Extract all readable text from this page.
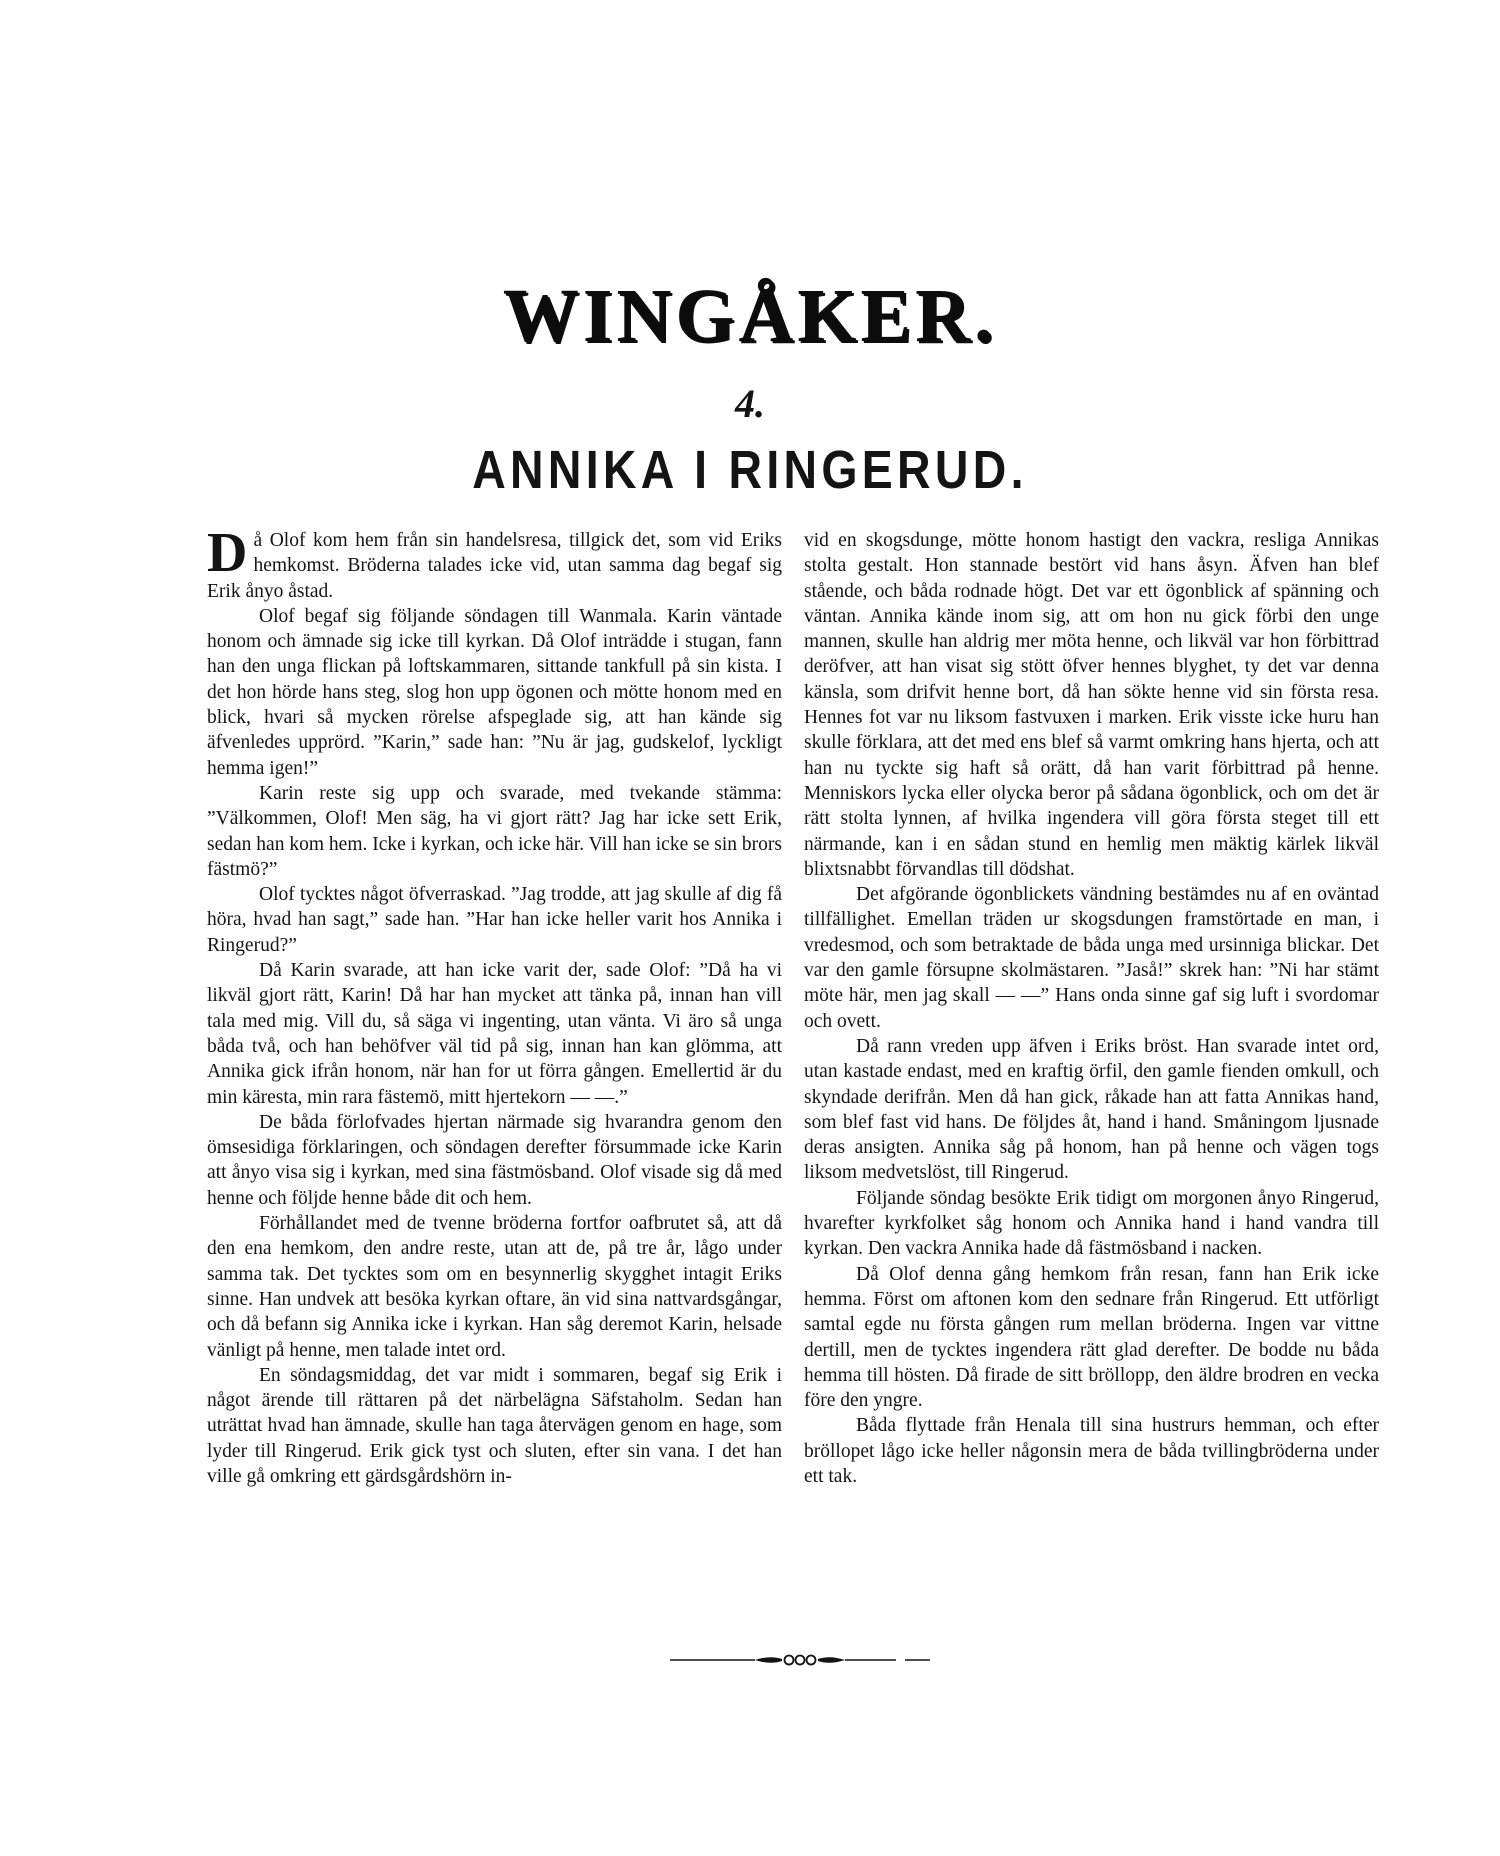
WINGÅKER.
4.
ANNIKA I RINGERUD.

Då Olof kom hem från sin handelsresa, tillgick det, som vid Eriks hemkomst. Bröderna talades icke vid, utan samma dag begaf sig Erik ånyo åstad.

Olof begaf sig följande söndagen till Wanmala. Karin väntade honom och ämnade sig icke till kyrkan. Då Olof inträdde i stugan, fann han den unga flickan på loftskammaren, sittande tankfull på sin kista. I det hon hörde hans steg, slog hon upp ögonen och mötte honom med en blick, hvari så mycken rörelse afspeglade sig, att han kände sig äfvenledes upprörd. ”Karin,” sade han: ”Nu är jag, gudskelof, lyckligt hemma igen!”

Karin reste sig upp och svarade, med tvekande stämma: ”Välkommen, Olof! Men säg, ha vi gjort rätt? Jag har icke sett Erik, sedan han kom hem. Icke i kyrkan, och icke här. Vill han icke se sin brors fästmö?”

Olof tycktes något öfverraskad. ”Jag trodde, att jag skulle af dig få höra, hvad han sagt,” sade han. ”Har han icke heller varit hos Annika i Ringerud?”

Då Karin svarade, att han icke varit der, sade Olof: ”Då ha vi likväl gjort rätt, Karin! Då har han mycket att tänka på, innan han vill tala med mig. Vill du, så säga vi ingenting, utan vänta. Vi äro så unga båda två, och han behöfver väl tid på sig, innan han kan glömma, att Annika gick ifrån honom, när han for ut förra gången. Emellertid är du min käresta, min rara fästemö, mitt hjertekorn — —.”

De båda förlofvades hjertan närmade sig hvarandra genom den ömsesidiga förklaringen, och söndagen derefter försummade icke Karin att ånyo visa sig i kyrkan, med sina fästmösband. Olof visade sig då med henne och följde henne både dit och hem.

Förhållandet med de tvenne bröderna fortfor oafbrutet så, att då den ena hemkom, den andre reste, utan att de, på tre år, lågo under samma tak. Det tycktes som om en besynnerlig skygghet intagit Eriks sinne. Han undvek att besöka kyrkan oftare, än vid sina nattvardsgångar, och då befann sig Annika icke i kyrkan. Han såg deremot Karin, helsade vänligt på henne, men talade intet ord.

En söndagsmiddag, det var midt i sommaren, begaf sig Erik i något ärende till rättaren på det närbelägna Säfstaholm. Sedan han uträttat hvad han ämnade, skulle han taga återvägen genom en hage, som lyder till Ringerud. Erik gick tyst och sluten, efter sin vana. I det han ville gå omkring ett gärdsgårdshörn in-

vid en skogsdunge, mötte honom hastigt den vackra, resliga Annikas stolta gestalt. Hon stannade bestört vid hans åsyn. Äfven han blef stående, och båda rodnade högt. Det var ett ögonblick af spänning och väntan. Annika kände inom sig, att om hon nu gick förbi den unge mannen, skulle han aldrig mer möta henne, och likväl var hon förbittrad deröfver, att han visat sig stött öfver hennes blyghet, ty det var denna känsla, som drifvit henne bort, då han sökte henne vid sin första resa. Hennes fot var nu liksom fastvuxen i marken. Erik visste icke huru han skulle förklara, att det med ens blef så varmt omkring hans hjerta, och att han nu tyckte sig haft så orätt, då han varit förbittrad på henne. Menniskors lycka eller olycka beror på sådana ögonblick, och om det är rätt stolta lynnen, af hvilka ingendera vill göra första steget till ett närmande, kan i en sådan stund en hemlig men mäktig kärlek likväl blixtsnabbt förvandlas till dödshat.

Det afgörande ögonblickets vändning bestämdes nu af en oväntad tillfällighet. Emellan träden ur skogsdungen framstörtade en man, i vredesmod, och som betraktade de båda unga med ursinniga blickar. Det var den gamle försupne skolmästaren. ”Jaså!” skrek han: ”Ni har stämt möte här, men jag skall — —” Hans onda sinne gaf sig luft i svordomar och ovett.

Då rann vreden upp äfven i Eriks bröst. Han svarade intet ord, utan kastade endast, med en kraftig örfil, den gamle fienden omkull, och skyndade derifrån. Men då han gick, råkade han att fatta Annikas hand, som blef fast vid hans. De följdes åt, hand i hand. Småningom ljusnade deras ansigten. Annika såg på honom, han på henne och vägen togs liksom medvetslöst, till Ringerud.

Följande söndag besökte Erik tidigt om morgonen ånyo Ringerud, hvarefter kyrkfolket såg honom och Annika hand i hand vandra till kyrkan. Den vackra Annika hade då fästmösband i nacken.

Då Olof denna gång hemkom från resan, fann han Erik icke hemma. Först om aftonen kom den sednare från Ringerud. Ett utförligt samtal egde nu första gången rum mellan bröderna. Ingen var vittne dertill, men de tycktes ingendera rätt glad derefter. De bodde nu båda hemma till hösten. Då firade de sitt bröllopp, den äldre brodren en vecka före den yngre.

Båda flyttade från Henala till sina hustrurs hemman, och efter bröllopet lågo icke heller någonsin mera de båda tvillingbröderna under ett tak.
